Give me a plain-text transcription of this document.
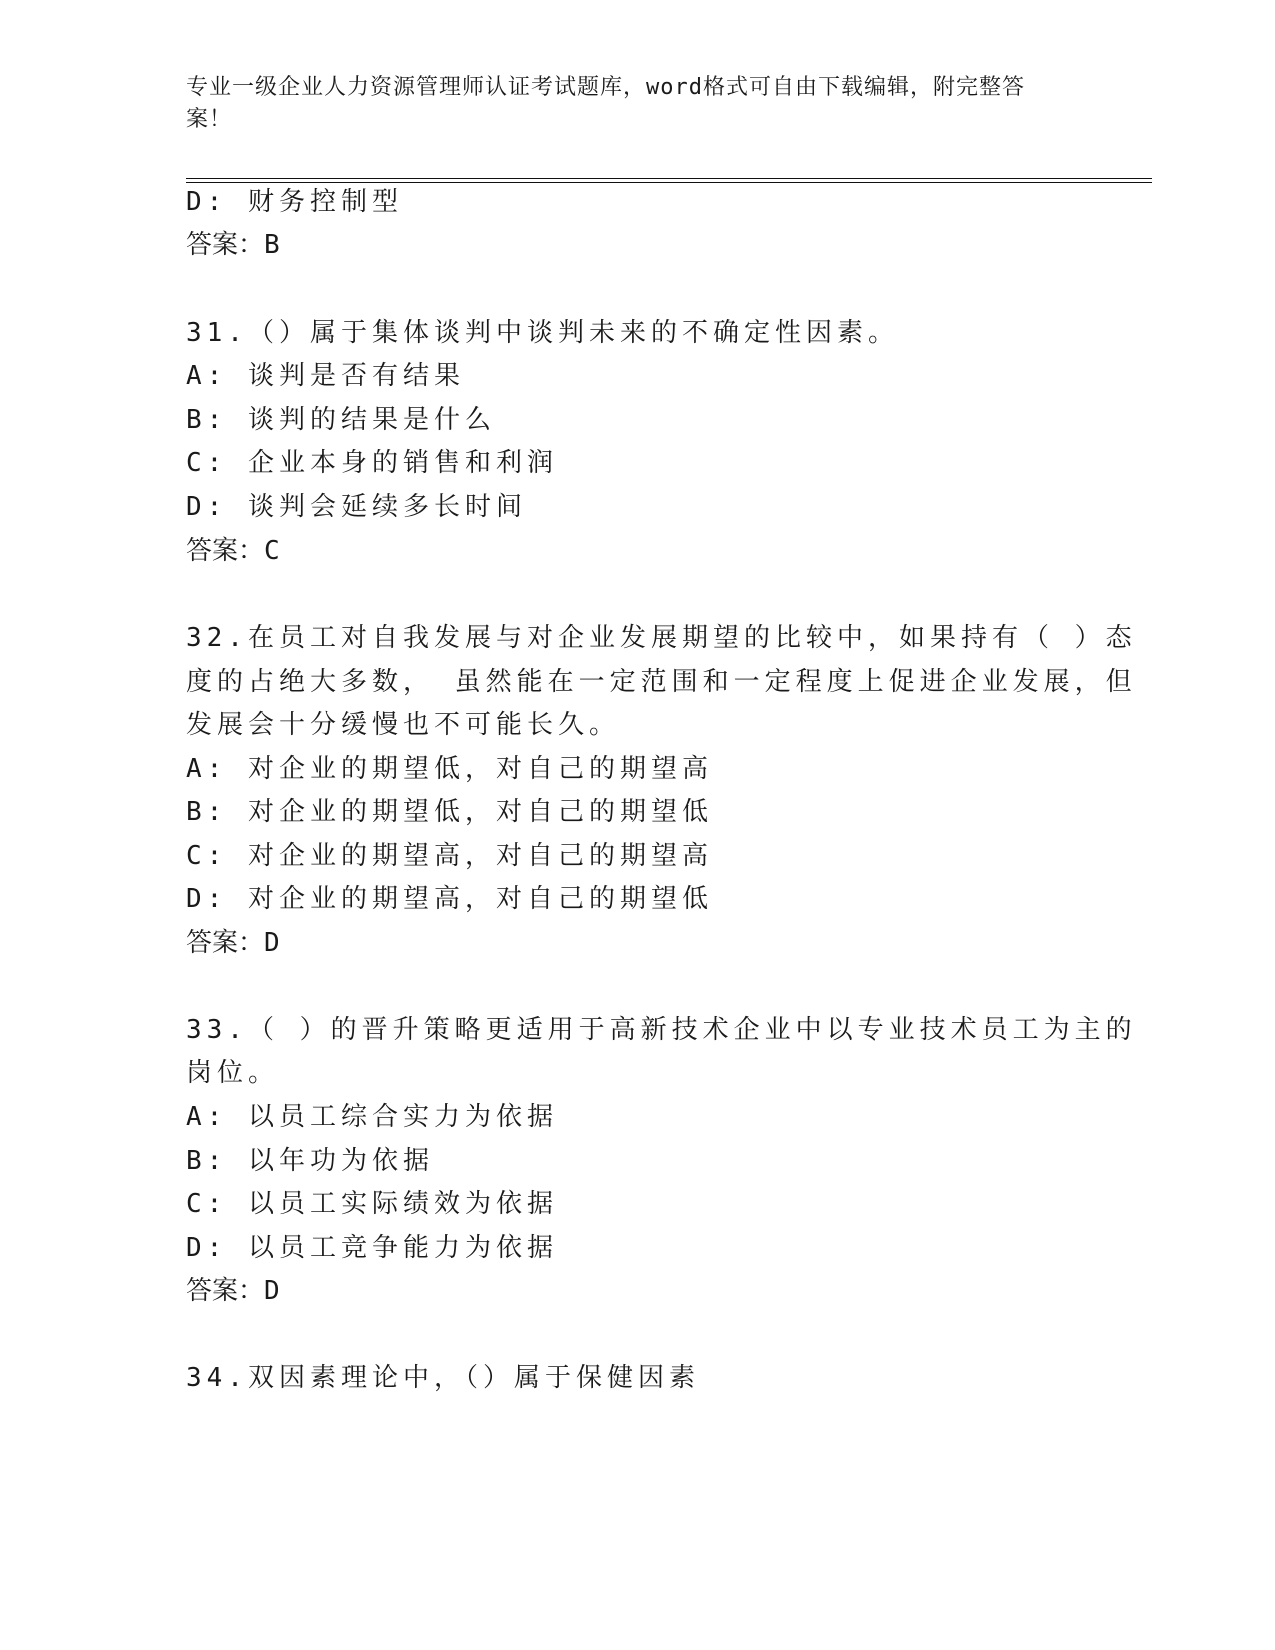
专业一级企业人力资源管理师认证考试题库，word格式可自由下载编辑，附完整答案！
D: 财务控制型
答案：B
31.（）属于集体谈判中谈判未来的不确定性因素。
A: 谈判是否有结果
B: 谈判的结果是什么
C: 企业本身的销售和利润
D: 谈判会延续多长时间
答案：C
32.在员工对自我发展与对企业发展期望的比较中，如果持有（ ）态
度的占绝大多数， 虽然能在一定范围和一定程度上促进企业发展，但
发展会十分缓慢也不可能长久。
A: 对企业的期望低，对自己的期望高
B: 对企业的期望低，对自己的期望低
C: 对企业的期望高，对自己的期望高
D: 对企业的期望高，对自己的期望低
答案：D
33.（ ）的晋升策略更适用于高新技术企业中以专业技术员工为主的
岗位。
A: 以员工综合实力为依据
B: 以年功为依据
C: 以员工实际绩效为依据
D: 以员工竞争能力为依据
答案：D
34.双因素理论中，（）属于保健因素
